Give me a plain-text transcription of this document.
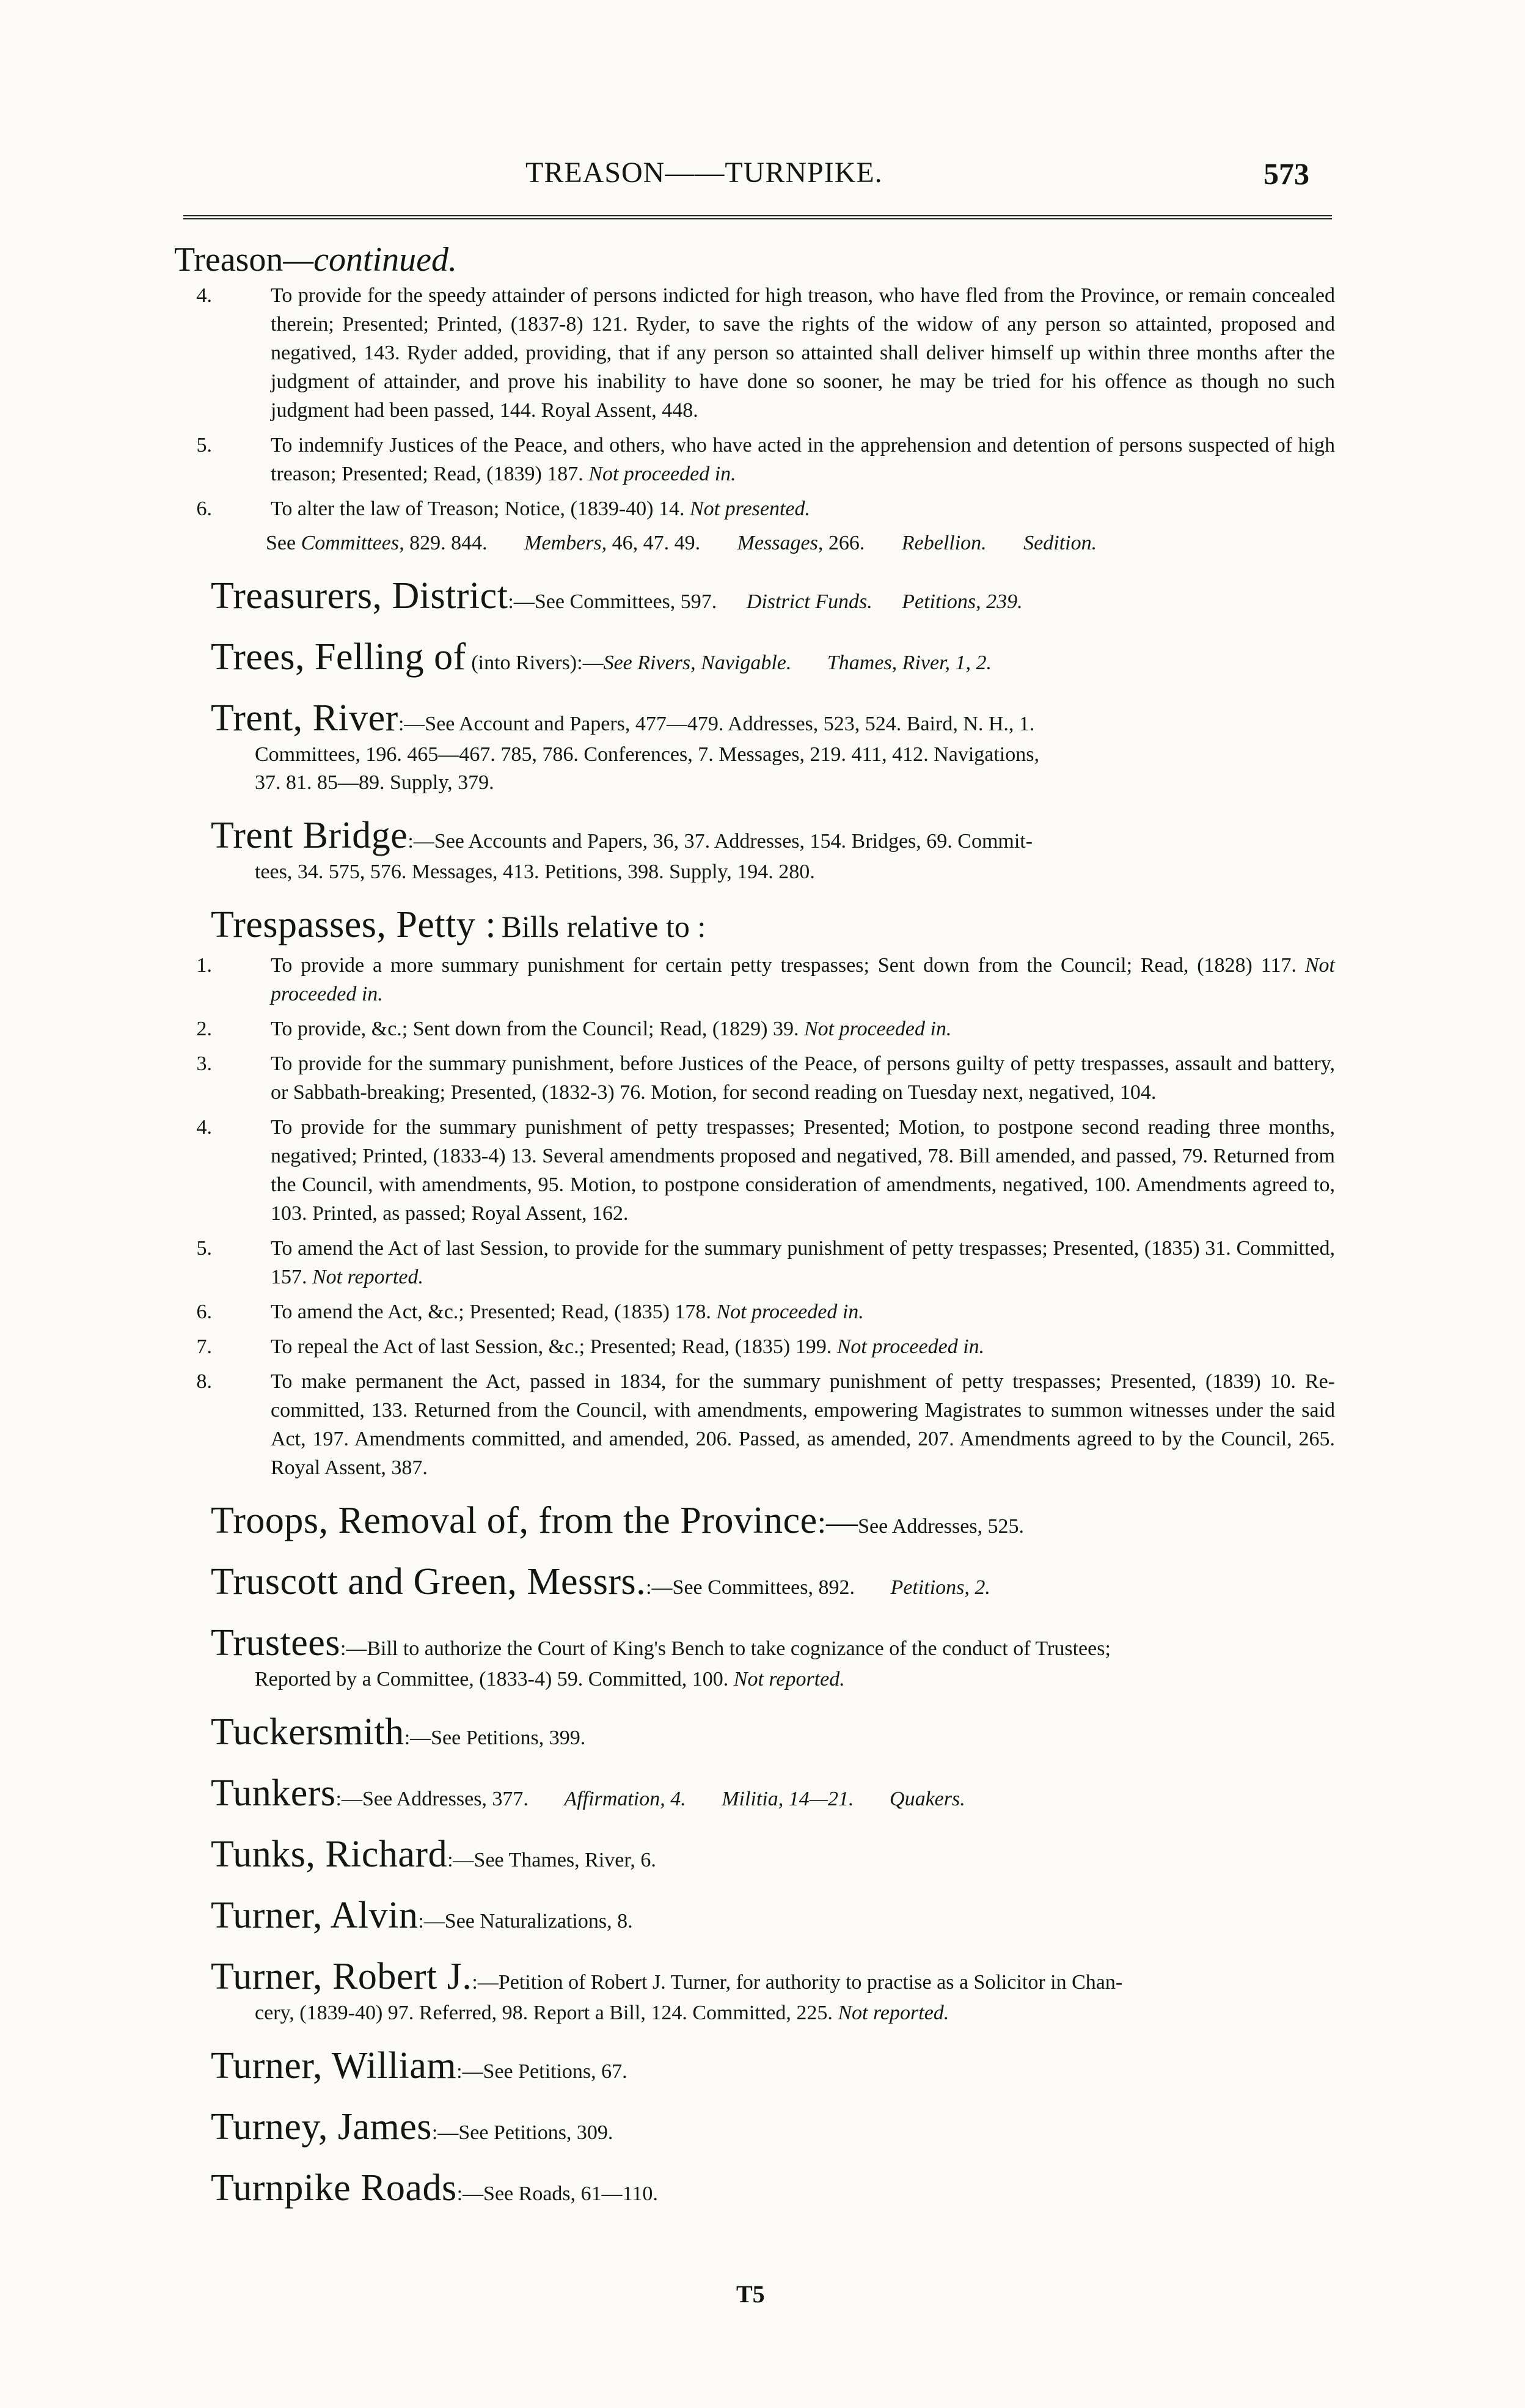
TREASON——TURNPIKE.	573
Treason—continued.
4.	To provide for the speedy attainder of persons indicted for high treason, who have fled from the Province, or remain concealed therein; Presented; Printed, (1837-8) 121. Ryder, to save the rights of the widow of any person so attainted, proposed and negatived, 143. Ryder added, providing, that if any person so attainted shall deliver himself up within three months after the judgment of attainder, and prove his inability to have done so sooner, he may be tried for his offence as though no such judgment had been passed, 144. Royal Assent, 448.
5.	To indemnify Justices of the Peace, and others, who have acted in the apprehension and detention of persons suspected of high treason; Presented; Read, (1839) 187. Not proceeded in.
6.	To alter the law of Treason; Notice, (1839-40) 14. Not presented.
See Committees, 829. 844. Members, 46, 47. 49. Messages, 266. Rebellion. Sedition.
Treasurers, District:—See Committees, 597. District Funds. Petitions, 239.
Trees, Felling of (into Rivers):—See Rivers, Navigable. Thames, River, 1, 2.
Trent, River:—See Account and Papers, 477—479. Addresses, 523, 524. Baird, N. H., 1.
Committees, 196. 465—467. 785, 786. Conferences, 7. Messages, 219. 411, 412. Navigations,
37. 81. 85—89. Supply, 379.
Trent Bridge:—See Accounts and Papers, 36, 37. Addresses, 154. Bridges, 69. Commit-
tees, 34. 575, 576. Messages, 413. Petitions, 398. Supply, 194. 280.
Trespasses, Petty : Bills relative to :
1.	To provide a more summary punishment for certain petty trespasses; Sent down from the Council; Read, (1828) 117. Not proceeded in.
2.	To provide, &c.; Sent down from the Council; Read, (1829) 39. Not proceeded in.
3.	To provide for the summary punishment, before Justices of the Peace, of persons guilty of petty trespasses, assault and battery, or Sabbath-breaking; Presented, (1832-3) 76. Motion, for second reading on Tuesday next, negatived, 104.
4.	To provide for the summary punishment of petty trespasses; Presented; Motion, to postpone second reading three months, negatived; Printed, (1833-4) 13. Several amendments proposed and negatived, 78. Bill amended, and passed, 79. Returned from the Council, with amendments, 95. Motion, to postpone consideration of amendments, negatived, 100. Amendments agreed to, 103. Printed, as passed; Royal Assent, 162.
5.	To amend the Act of last Session, to provide for the summary punishment of petty trespasses; Presented, (1835) 31. Committed, 157. Not reported.
6.	To amend the Act, &c.; Presented; Read, (1835) 178. Not proceeded in.
7.	To repeal the Act of last Session, &c.; Presented; Read, (1835) 199. Not proceeded in.
8.	To make permanent the Act, passed in 1834, for the summary punishment of petty trespasses; Presented, (1839) 10. Re-committed, 133. Returned from the Council, with amendments, empowering Magistrates to summon witnesses under the said Act, 197. Amendments committed, and amended, 206. Passed, as amended, 207. Amendments agreed to by the Council, 265. Royal Assent, 387.
Troops, Removal of, from the Province:—See Addresses, 525.
Truscott and Green, Messrs.:—See Committees, 892. Petitions, 2.
Trustees:—Bill to authorize the Court of King's Bench to take cognizance of the conduct of Trustees;
Reported by a Committee, (1833-4) 59. Committed, 100. Not reported.
Tuckersmith:—See Petitions, 399.
Tunkers:—See Addresses, 377. Affirmation, 4. Militia, 14—21. Quakers.
Tunks, Richard:—See Thames, River, 6.
Turner, Alvin:—See Naturalizations, 8.
Turner, Robert J.:—Petition of Robert J. Turner, for authority to practise as a Solicitor in Chan-
cery, (1839-40) 97. Referred, 98. Report a Bill, 124. Committed, 225. Not reported.
Turner, William:—See Petitions, 67.
Turney, James:—See Petitions, 309.
Turnpike Roads:—See Roads, 61—110.
T5
